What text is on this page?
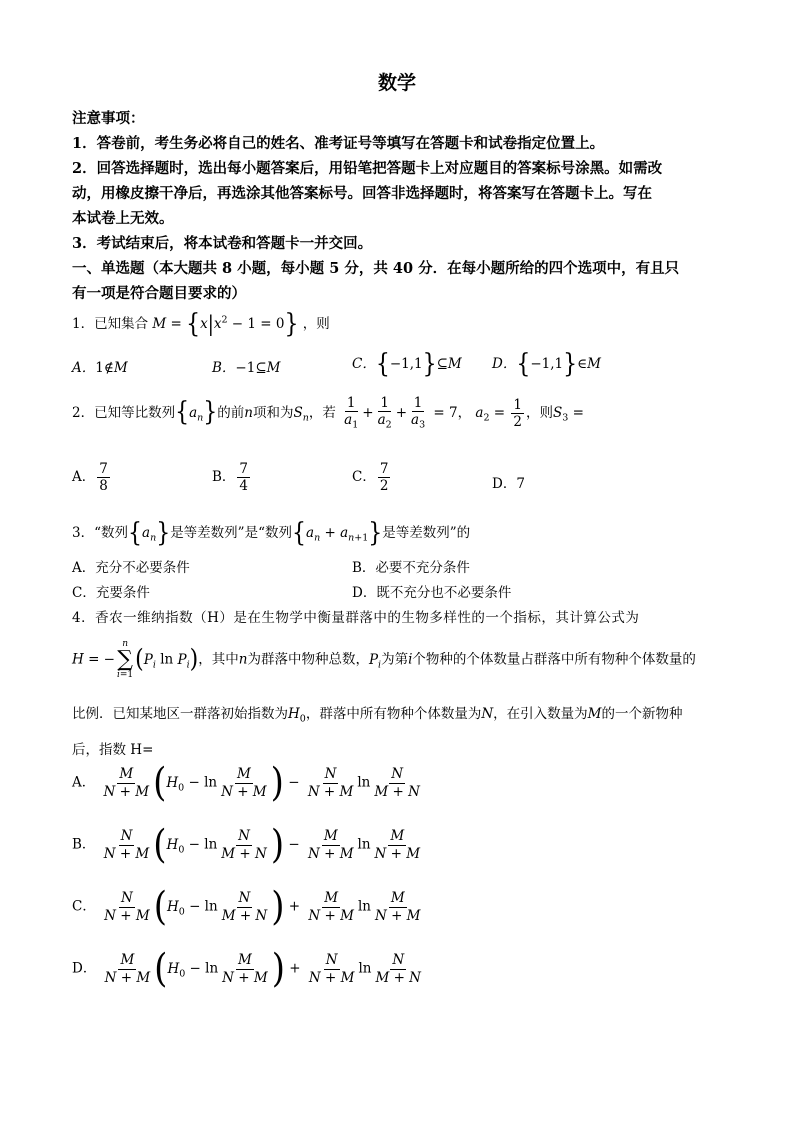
数学
注意事项：
1．答卷前，考生务必将自己的姓名、准考证号等填写在答题卡和试卷指定位置上。
2．回答选择题时，选出每小题答案后，用铅笔把答题卡上对应题目的答案标号涂黑。如需改
动，用橡皮擦干净后，再选涂其他答案标号。回答非选择题时，将答案写在答题卡上。写在
本试卷上无效。
3．考试结束后，将本试卷和答题卡一并交回。
一、单选题（本大题共 8 小题，每小题 5 分，共 40 分．在每小题所给的四个选项中，有且只
有一项是符合题目要求的）
1．已知集合 $M = \{x|x^2 - 1 = 0\}$ ，则
A．1∉M	B．−1⊆M	C．{−1,1}⊆M D．{−1,1}∈M
2．已知等比数列$\{a_n\}$的前n项和为$S_n$，若 $\frac{1}{a_1} + \frac{1}{a_2} + \frac{1}{a_3} = 7$， $a_2 = \frac{1}{2}$ ，则$S_3$ =
A． $\frac{7}{8}$	B． $\frac{7}{4}$	C． $\frac{7}{2}$	D．7
3．“数列$\{a_n\}$是等差数列”是“数列$\{a_n + a_{n+1}\}$是等差数列”的
A．充分不必要条件	B．必要不充分条件
C．充要条件	D．既不充分也不必要条件
4．香农一维纳指数（H）是在生物学中衡量群落中的生物多样性的一个指标，其计算公式为
H = −
n
∑
i=1
($P_i$ $\ln P_i$)，其中n为群落中物种总数，$P_i$为第i个物种的个体数量占群落中所有物种个体数量的
比例．已知某地区一群落初始指数为$H_0$，群落中所有物种个体数量为N，在引入数量为M的一个新物种
后，指数 H=
A． $\frac{M}{N + M} (H_0 - \ln \frac{M}{N + M}$ ) − $\frac{N}{N + M}$ $\ln \frac{N}{M + N}$
B． $\frac{N}{N + M} (H_0 - \ln \frac{N}{M + N}$ ) − $\frac{M}{N + M}$ $\ln \frac{M}{N + M}$
C． $\frac{N}{N + M} (H_0 - \ln \frac{N}{M + N}$ ) + $\frac{M}{N + M}$ $\ln \frac{M}{N + M}$
D． $\frac{M}{N + M} (H_0 - \ln \frac{M}{N + M}$ ) + $\frac{N}{N + M}$ $\ln \frac{N}{M + N}$
